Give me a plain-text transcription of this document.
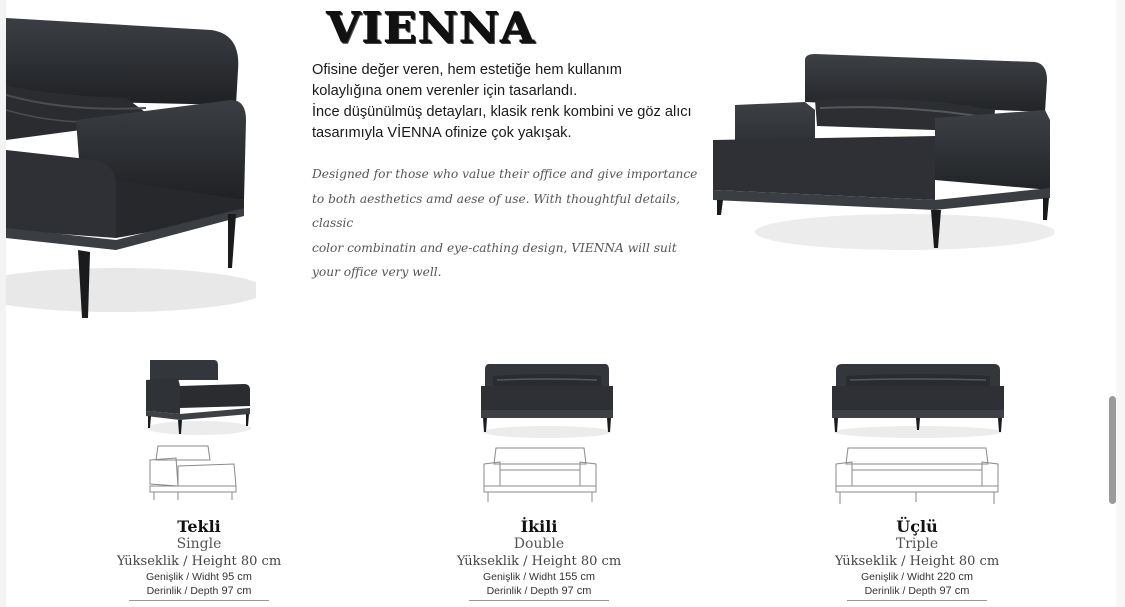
VIENNA

Ofisine değer veren, hem estetiğe hem kullanım

kolaylığına onem verenler için tasarlandı.

İnce düşünülmüş detayları, klasik renk kombini ve göz alıcı

tasarımıyla VİENNA ofinize çok yakışak.

Designed for those who value their office and give importance

to both aesthetics amd aese of use. With thoughtful details, classic

color combinatin and eye-cathing design, VIENNA will suit

your office very well.

Tekli
Single
Yükseklik / Height 80 cm
Genişlik / Widht 95 cm
Derinlik / Depth 97 cm
İkili
Double
Yükseklik / Height 80 cm
Genişlik / Widht 155 cm
Derinlik / Depth 97 cm
Üçlü
Triple
Yükseklik / Height 80 cm
Genişlik / Widht 220 cm
Derinlik / Depth 97 cm
